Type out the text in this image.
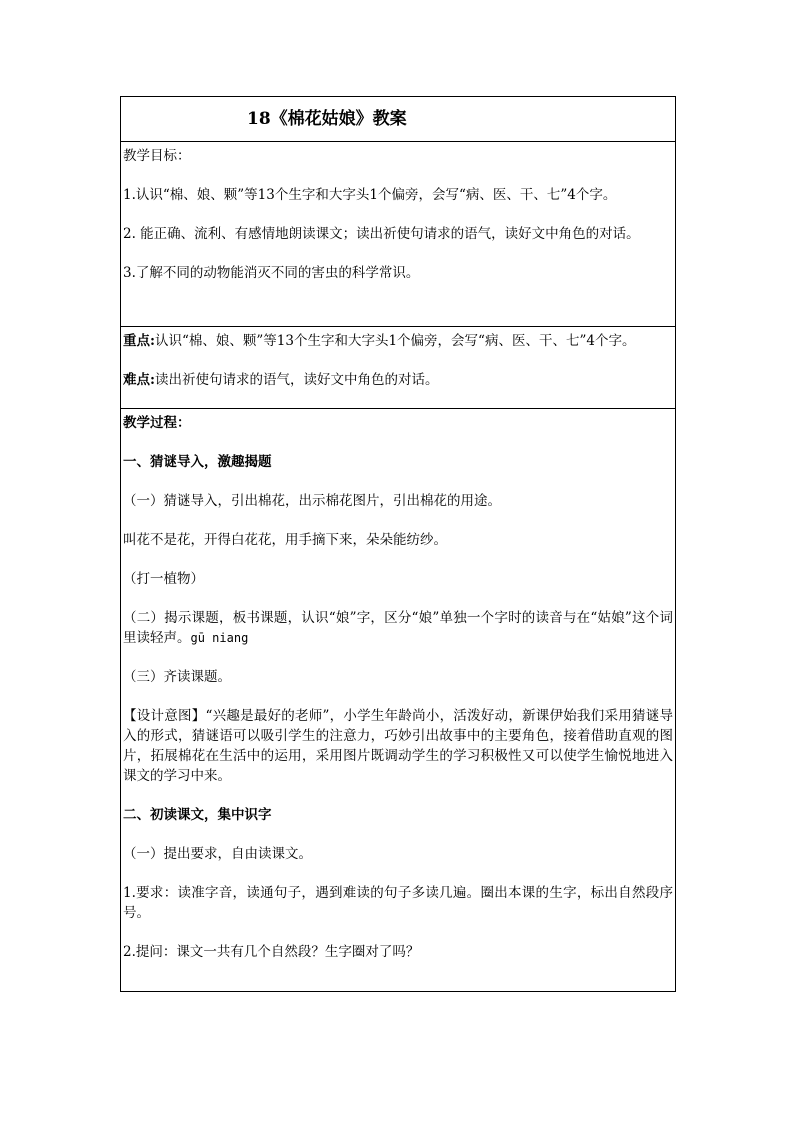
18《棉花姑娘》教案

教学目标：

1.认识“棉、娘、颗”等13个生字和大字头1个偏旁，会写“病、医、干、七”4个字。

2. 能正确、流利、有感情地朗读课文；读出祈使句请求的语气，读好文中角色的对话。

3.了解不同的动物能消灭不同的害虫的科学常识。

重点:认识“棉、娘、颗”等13个生字和大字头1个偏旁，会写“病、医、干、七”4个字。

难点:读出祈使句请求的语气，读好文中角色的对话。

教学过程：

一、猜谜导入，激趣揭题

（一）猜谜导入，引出棉花，出示棉花图片，引出棉花的用途。

叫花不是花，开得白花花，用手摘下来，朵朵能纺纱。

（打一植物）

（二）揭示课题，板书课题，认识“娘”字，区分“娘”单独一个字时的读音与在“姑娘”这个词里读轻声。gū niang

（三）齐读课题。

【设计意图】“兴趣是最好的老师”，小学生年龄尚小，活泼好动，新课伊始我们采用猜谜导入的形式，猜谜语可以吸引学生的注意力，巧妙引出故事中的主要角色，接着借助直观的图片，拓展棉花在生活中的运用，采用图片既调动学生的学习积极性又可以使学生愉悦地进入课文的学习中来。

二、初读课文，集中识字

（一）提出要求，自由读课文。

1.要求：读准字音，读通句子，遇到难读的句子多读几遍。圈出本课的生字，标出自然段序号。

2.提问：课文一共有几个自然段？生字圈对了吗？
